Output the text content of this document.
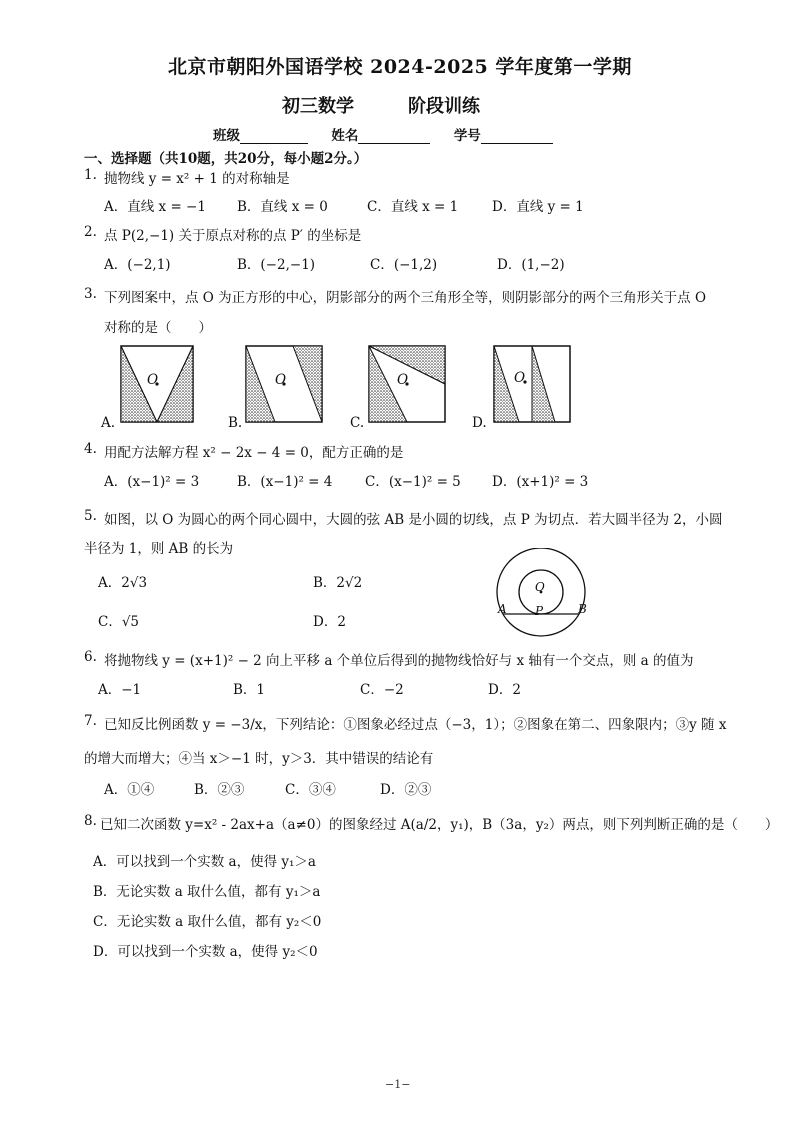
北京市朝阳外国语学校 2024-2025 学年度第一学期
初三数学	阶段训练
班级	姓名	学号
一、选择题（共10题，共20分，每小题2分。）
1. 抛物线 y = x² + 1 的对称轴是
A．直线 x = −1 B．直线 x = 0	C．直线 x = 1	D．直线 y = 1
2. 点 P(2,−1) 关于原点对称的点 P′ 的坐标是
A．(−2,1)	B．(−2,−1)	C．(−1,2)	D．(1,−2)
3. 下列图案中，点 O 为正方形的中心，阴影部分的两个三角形全等，则阴影部分的两个三角形关于点 O
对称的是（　　）
O	O	O	O
A.	B.	C.	D.
4. 用配方法解方程 x² − 2x − 4 = 0，配方正确的是
A．(x−1)² = 3	B．(x−1)² = 4 C．(x−1)² = 5 D．(x+1)² = 3
5. 如图，以 O 为圆心的两个同心圆中，大圆的弦 AB 是小圆的切线，点 P 为切点．若大圆半径为 2，小圆
半径为 1，则 AB 的长为
A．2√3	B．2√2
C．√5	D．2
O
A P	B
6. 将抛物线 y = (x+1)² − 2 向上平移 a 个单位后得到的抛物线恰好与 x 轴有一个交点，则 a 的值为
A．−1	B．1	C．−2	D．2
7. 已知反比例函数 y = −3/x，下列结论：①图象必经过点（−3，1）；②图象在第二、四象限内；③y 随 x
的增大而增大；④当 x＞−1 时，y＞3．其中错误的结论有
A．①④	B．②③	C．③④	D．②③
8. 已知二次函数 y=x² - 2ax+a（a≠0）的图象经过 A(a/2，y₁)，B（3a，y₂）两点，则下列判断正确的是（　　）
A．可以找到一个实数 a，使得 y₁＞a
B．无论实数 a 取什么值，都有 y₁＞a
C．无论实数 a 取什么值，都有 y₂＜0
D．可以找到一个实数 a，使得 y₂＜0
−1−
